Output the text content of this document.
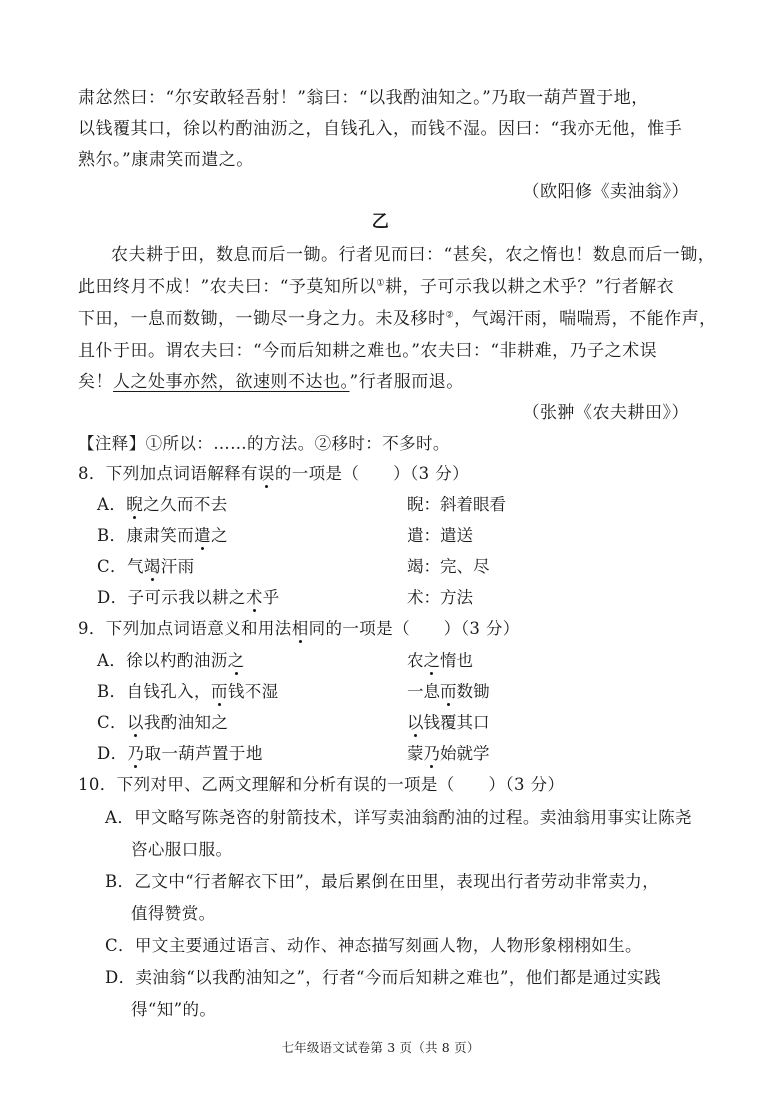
肃忿然曰：“尔安敢轻吾射！”翁曰：“以我酌油知之。”乃取一葫芦置于地，
以钱覆其口，徐以杓酌油沥之，自钱孔入，而钱不湿。因曰：“我亦无他，惟手
熟尔。”康肃笑而遣之。
（欧阳修《卖油翁》）
乙
农夫耕于田，数息而后一锄。行者见而曰：“甚矣，农之惰也！数息而后一锄，
此田终月不成！”农夫曰：“予莫知所以①耕，子可示我以耕之术乎？”行者解衣
下田，一息而数锄，一锄尽一身之力。未及移时②，气竭汗雨，喘喘焉，不能作声，
且仆于田。谓农夫曰：“今而后知耕之难也。”农夫曰：“非耕难，乃子之术误
矣！人之处事亦然，欲速则不达也。”行者服而退。
（张翀《农夫耕田》）
【注释】①所以：……的方法。②移时：不多时。
8．下列加点词语解释有误的一项是（　　）（3 分）
A．睨之久而不去	睨：斜着眼看
B．康肃笑而遣之	遣：遣送
C．气竭汗雨	竭：完、尽
D．子可示我以耕之术乎	术：方法
9．下列加点词语意义和用法相同的一项是（　　）（3 分）
A．徐以杓酌油沥之	农之惰也
B．自钱孔入，而钱不湿	一息而数锄
C．以我酌油知之	以钱覆其口
D．乃取一葫芦置于地	蒙乃始就学
10．下列对甲、乙两文理解和分析有误的一项是（　　）（3 分）
A．甲文略写陈尧咨的射箭技术，详写卖油翁酌油的过程。卖油翁用事实让陈尧
咨心服口服。
B．乙文中“行者解衣下田”，最后累倒在田里，表现出行者劳动非常卖力，
值得赞赏。
C．甲文主要通过语言、动作、神态描写刻画人物，人物形象栩栩如生。
D．卖油翁“以我酌油知之”，行者“今而后知耕之难也”，他们都是通过实践
得“知”的。
七年级语文试卷第 3 页（共 8 页）
